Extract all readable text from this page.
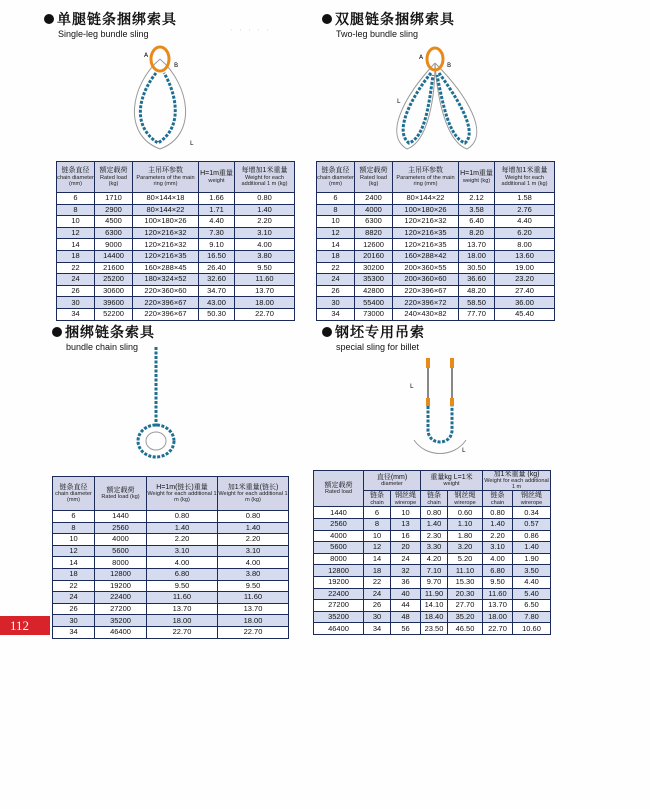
单腿链条捆绑索具
Single-leg bundle sling	· · · · ·
A
B
L
链条直径
chain diameter (mm)	额定载荷
Rated load (kg)	主吊环参数
Parameters of the main ring (mm)	H=1m重量
weight	每增加1米重量
Weight for each additional 1 m (kg)

6	1710	80×144×18	1.66	0.80
8	2900	80×144×22	1.71	1.40
10	4500	100×180×26	4.40	2.20
12	6300	120×216×32	7.30	3.10
14	9000	120×216×32	9.10	4.00
18	14400	120×216×35	16.50	3.80
22	21600	160×288×45	26.40	9.50
24	25200	180×324×52	32.60	11.60
26	30600	220×360×60	34.70	13.70
30	39600	220×396×67	43.00	18.00
34	52200	220×396×67	50.30	22.70
双腿链条捆绑索具
Two-leg bundle sling
A
B
L
链条直径
chain diameter (mm)	额定载荷
Rated load (kg)	主吊环参数
Parameters of the main ring (mm)	H=1m重量
weight (kg)	每增加1米重量
Weight for each additional 1 m (kg)

6	2400	80×144×22	2.12	1.58
8	4000	100×180×26	3.58	2.76
10	6300	120×216×32	6.40	4.40
12	8820	120×216×35	8.20	6.20
14	12600	120×216×35	13.70	8.00
18	20160	160×288×42	18.00	13.60
22	30200	200×360×55	30.50	19.00
24	35300	200×360×60	36.60	23.20
26	42800	220×396×67	48.20	27.40
30	55400	220×396×72	58.50	36.00
34	73000	240×430×82	77.70	45.40
捆绑链条索具
bundle chain sling
链条直径
chain diameter (mm)	额定载荷
Rated load (kg)	H=1m(链长)重量
Weight for each additional 1 m (kg)	加1米重量(链长)
Weight for each additional 1 m (kg)

6	1440	0.80	0.80
8	2560	1.40	1.40
10	4000	2.20	2.20
12	5600	3.10	3.10
14	8000	4.00	4.00
18	12800	6.80	3.80
22	19200	9.50	9.50
24	22400	11.60	11.60
26	27200	13.70	13.70
30	35200	18.00	18.00
34	46400	22.70	22.70
钢坯专用吊索
special sling for billet
L
L
额定载荷
Rated load	直径(mm)
diameter		重量kg L=1米
weight		加1米重量 (kg)
Weight for each additional 1 m	

	链条
chain	钢丝绳
wirerope	链条
chain	钢丝绳
wirerope	链条
chain	钢丝绳
wirerope

1440	6	10	0.80	0.60	0.80	0.34
2560	8	13	1.40	1.10	1.40	0.57
4000	10	16	2.30	1.80	2.20	0.86
5600	12	20	3.30	3.20	3.10	1.40
8000	14	24	4.20	5.20	4.00	1.90
12800	18	32	7.10	11.10	6.80	3.50
19200	22	36	9.70	15.30	9.50	4.40
22400	24	40	11.90	20.30	11.60	5.40
27200	26	44	14.10	27.70	13.70	6.50
35200	30	48	18.40	35.20	18.00	7.80
46400	34	56	23.50	46.50	22.70	10.60
112
